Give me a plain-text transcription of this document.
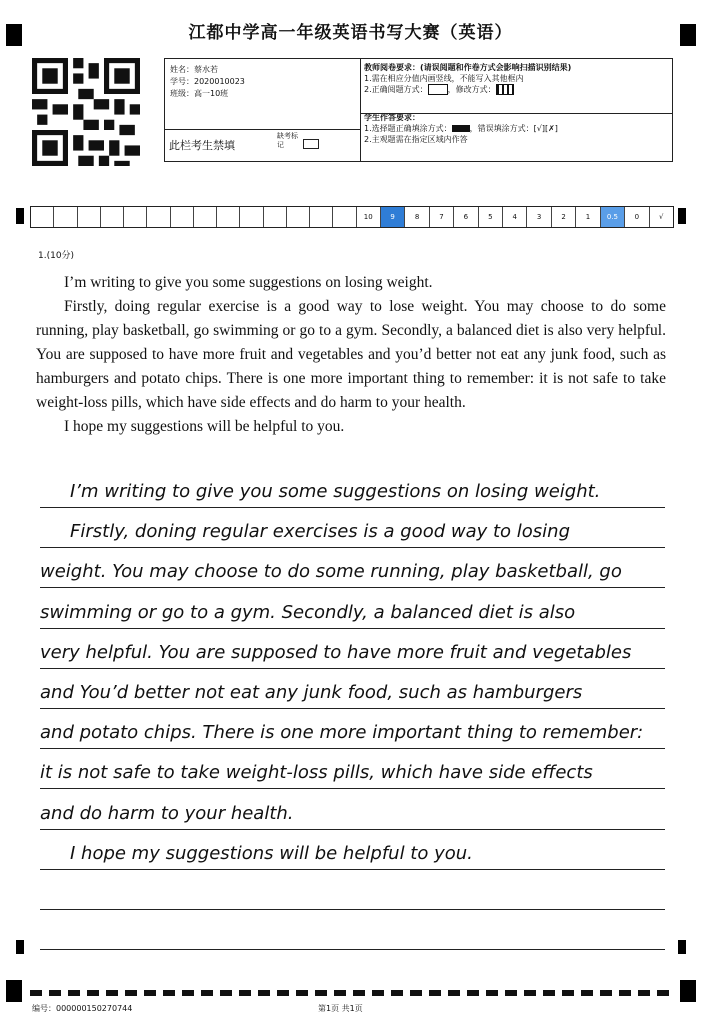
江都中学高一年级英语书写大赛（英语）
姓名：蔡水若
学号：2020010023
班级：高一10班
此栏考生禁填
缺考标记
教师阅卷要求：(请误阅题和作卷方式会影响扫描识别结果)
1.需在相应分值内画竖线，不能写入其他框内
2.正确阅题方式：	，修改方式：
学生作答要求：
1.选择题正确填涂方式： ，错误填涂方式：[√][✗]
2.主观题需在指定区域内作答
10	9	8	7	6	5	4	3	2	1	0.5	0	√
1.(10分)

I’m writing to give you some suggestions on losing weight.

Firstly, doing regular exercise is a good way to lose weight. You may choose to do some running, play basketball, go swimming or go to a gym. Secondly, a balanced diet is also very helpful. You are supposed to have more fruit and vegetables and you’d better not eat any junk food, such as hamburgers and potato chips. There is one more important thing to remember: it is not safe to take weight-loss pills, which have side effects and do harm to your health.

I hope my suggestions will be helpful to you.

I’m writing to give you some suggestions on losing weight.
Firstly, doning regular exercises is a good way to losing
weight. You may choose to do some running, play basketball, go
swimming or go to a gym. Secondly, a balanced diet is also
very helpful. You are supposed to have more fruit and vegetables
and You’d better not eat any junk food, such as hamburgers
and potato chips. There is one more important thing to remember:
it is not safe to take weight-loss pills, which have side effects
and do harm to your health.
I hope my suggestions will be helpful to you.
编号：000000150270744	第1页 共1页
